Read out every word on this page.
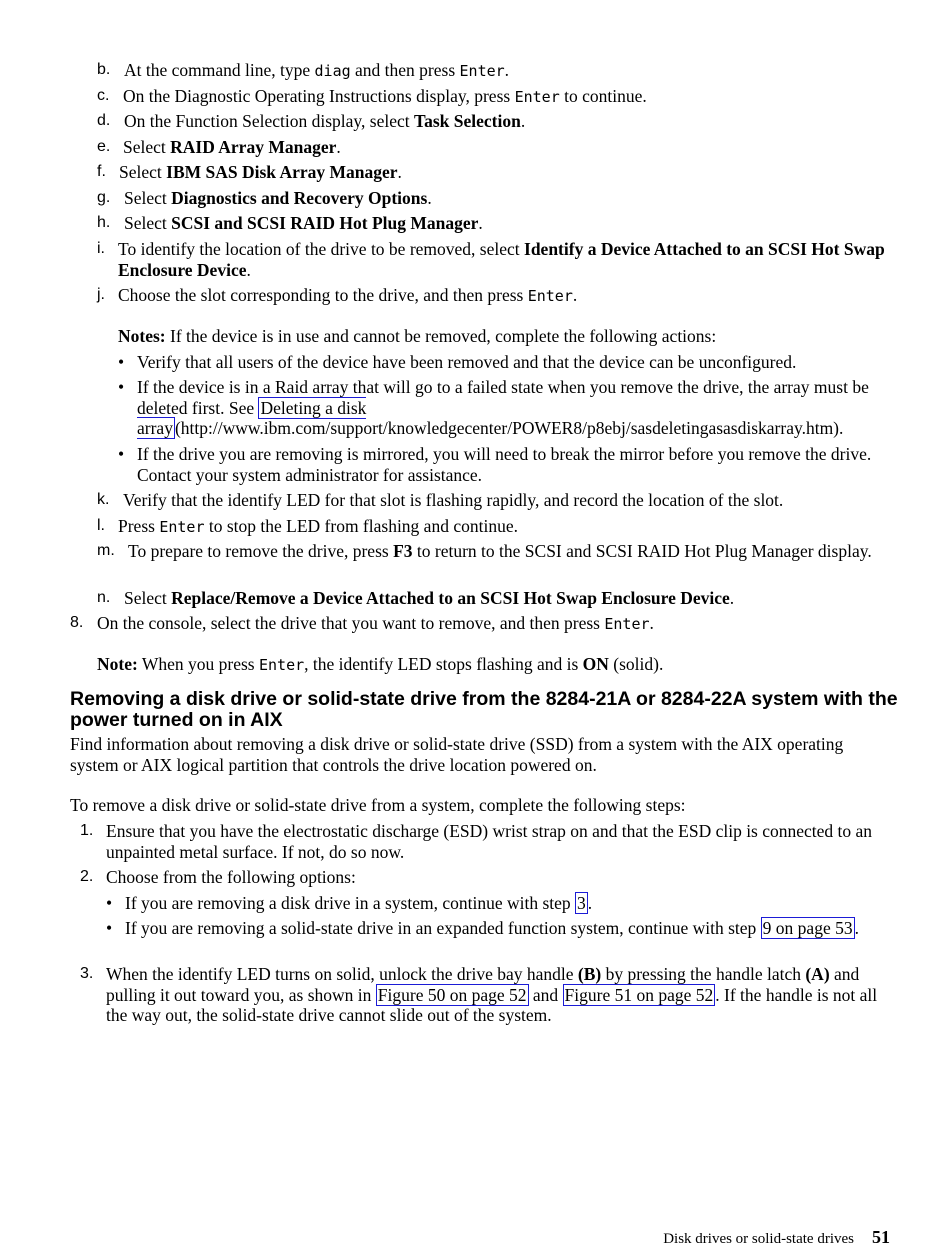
b. At the command line, type diag and then press Enter.
c. On the Diagnostic Operating Instructions display, press Enter to continue.
d. On the Function Selection display, select Task Selection.
e. Select RAID Array Manager.
f. Select IBM SAS Disk Array Manager.
g. Select Diagnostics and Recovery Options.
h. Select SCSI and SCSI RAID Hot Plug Manager.
i. To identify the location of the drive to be removed, select Identify a Device Attached to an SCSI Hot Swap Enclosure Device.
j. Choose the slot corresponding to the drive, and then press Enter.
Notes: If the device is in use and cannot be removed, complete the following actions:
• Verify that all users of the device have been removed and that the device can be unconfigured.
• If the device is in a Raid array that will go to a failed state when you remove the drive, the array must be deleted first. See Deleting a disk array (http://www.ibm.com/support/knowledgecenter/POWER8/p8ebj/sasdeletingasasdiskarray.htm).
• If the drive you are removing is mirrored, you will need to break the mirror before you remove the drive. Contact your system administrator for assistance.
k. Verify that the identify LED for that slot is flashing rapidly, and record the location of the slot.
l. Press Enter to stop the LED from flashing and continue.
m. To prepare to remove the drive, press F3 to return to the SCSI and SCSI RAID Hot Plug Manager display.
n. Select Replace/Remove a Device Attached to an SCSI Hot Swap Enclosure Device.
8. On the console, select the drive that you want to remove, and then press Enter.
Note: When you press Enter, the identify LED stops flashing and is ON (solid).
Removing a disk drive or solid-state drive from the 8284-21A or 8284-22A system with the power turned on in AIX
Find information about removing a disk drive or solid-state drive (SSD) from a system with the AIX operating system or AIX logical partition that controls the drive location powered on.
To remove a disk drive or solid-state drive from a system, complete the following steps:
1. Ensure that you have the electrostatic discharge (ESD) wrist strap on and that the ESD clip is connected to an unpainted metal surface. If not, do so now.
2. Choose from the following options:
• If you are removing a disk drive in a system, continue with step 3 .
• If you are removing a solid-state drive in an expanded function system, continue with step 9 on page 53 .
3. When the identify LED turns on solid, unlock the drive bay handle (B) by pressing the handle latch (A) and pulling it out toward you, as shown in Figure 50 on page 52 and Figure 51 on page 52 . If the handle is not all the way out, the solid-state drive cannot slide out of the system.
Disk drives or solid-state drives 51
